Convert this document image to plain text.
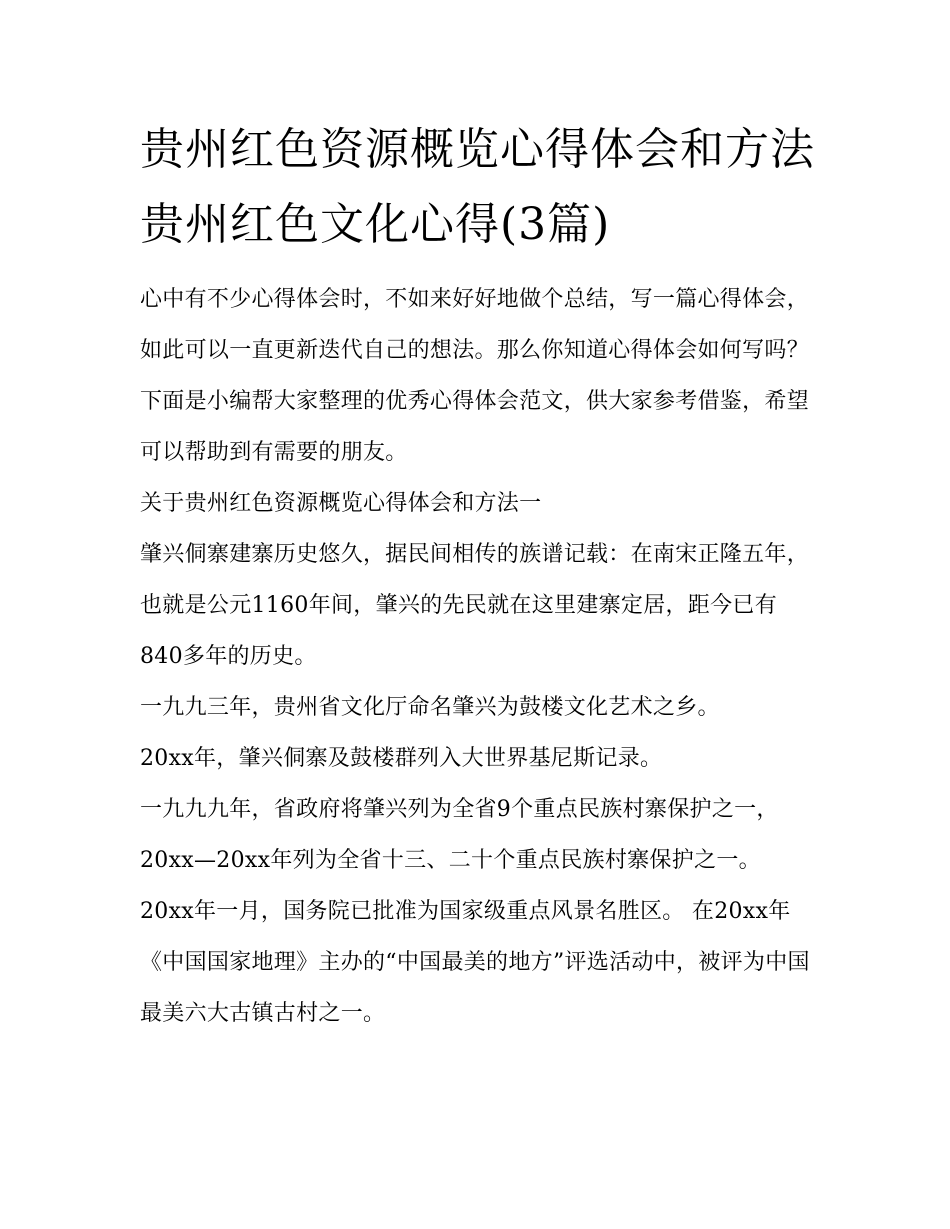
贵州红色资源概览心得体会和方法 贵州红色文化心得(3篇)

心中有不少心得体会时，不如来好好地做个总结，写一篇心得体会，如此可以一直更新迭代自己的想法。那么你知道心得体会如何写吗？下面是小编帮大家整理的优秀心得体会范文，供大家参考借鉴，希望可以帮助到有需要的朋友。

关于贵州红色资源概览心得体会和方法一

肇兴侗寨建寨历史悠久，据民间相传的族谱记载：在南宋正隆五年，也就是公元1160年间，肇兴的先民就在这里建寨定居，距今已有840多年的历史。

一九九三年，贵州省文化厅命名肇兴为鼓楼文化艺术之乡。

20xx年，肇兴侗寨及鼓楼群列入大世界基尼斯记录。

一九九九年，省政府将肇兴列为全省9个重点民族村寨保护之一，20xx—20xx年列为全省十三、二十个重点民族村寨保护之一。

20xx年一月，国务院已批准为国家级重点风景名胜区。 在20xx年《中国国家地理》主办的“中国最美的地方”评选活动中，被评为中国最美六大古镇古村之一。
